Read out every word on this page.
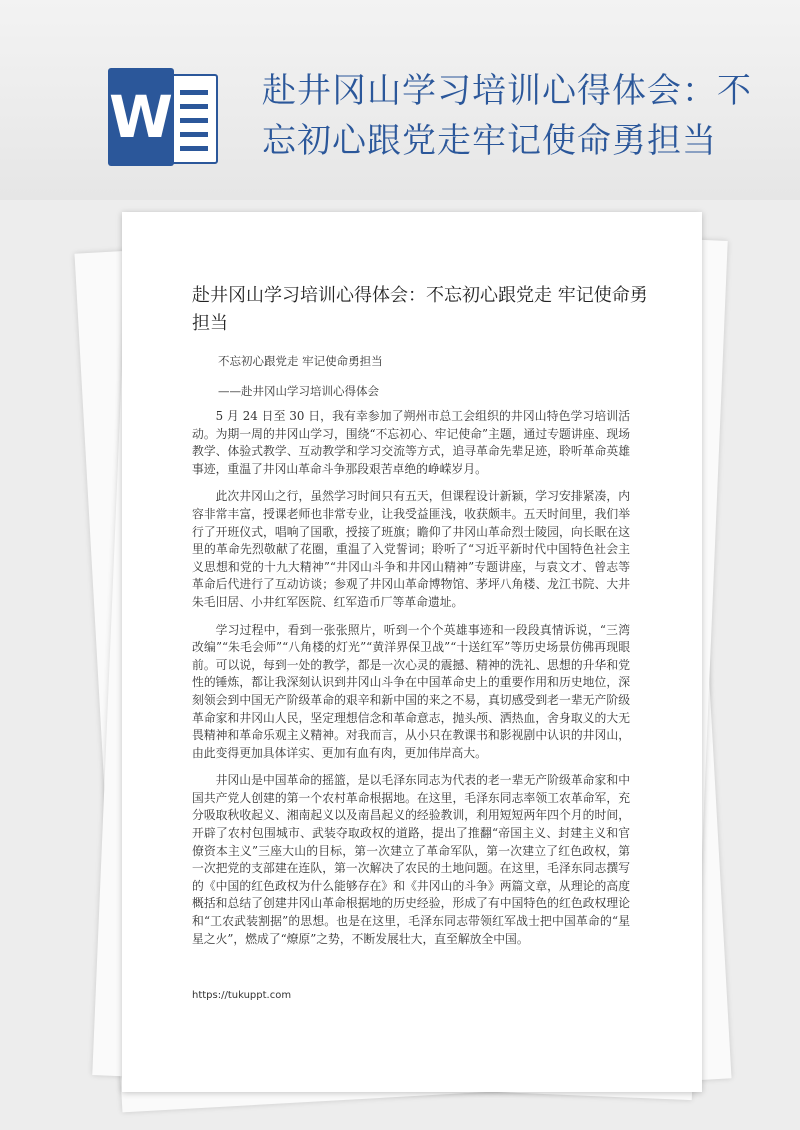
W	赴井冈山学习培训心得体会：不忘初心跟党走牢记使命勇担当
赴井冈山学习培训心得体会：不忘初心跟党走 牢记使命勇担当
不忘初心跟党走 牢记使命勇担当
——赴井冈山学习培训心得体会

5 月 24 日至 30 日，我有幸参加了朔州市总工会组织的井冈山特色学习培训活动。为期一周的井冈山学习，围绕“不忘初心、牢记使命”主题，通过专题讲座、现场教学、体验式教学、互动教学和学习交流等方式，追寻革命先辈足迹，聆听革命英雄事迹，重温了井冈山革命斗争那段艰苦卓绝的峥嵘岁月。

此次井冈山之行，虽然学习时间只有五天，但课程设计新颖，学习安排紧凑，内容非常丰富，授课老师也非常专业，让我受益匪浅，收获颇丰。五天时间里，我们举行了开班仪式，唱响了国歌，授接了班旗；瞻仰了井冈山革命烈士陵园，向长眠在这里的革命先烈敬献了花圈，重温了入党誓词；聆听了“习近平新时代中国特色社会主义思想和党的十九大精神”“井冈山斗争和井冈山精神”专题讲座，与袁文才、曾志等革命后代进行了互动访谈；参观了井冈山革命博物馆、茅坪八角楼、龙江书院、大井朱毛旧居、小井红军医院、红军造币厂等革命遗址。

学习过程中，看到一张张照片，听到一个个英雄事迹和一段段真情诉说，“三湾改编”“朱毛会师”“八角楼的灯光”“黄洋界保卫战”“十送红军”等历史场景仿佛再现眼前。可以说，每到一处的教学，都是一次心灵的震撼、精神的洗礼、思想的升华和党性的锤炼，都让我深刻认识到井冈山斗争在中国革命史上的重要作用和历史地位，深刻领会到中国无产阶级革命的艰辛和新中国的来之不易，真切感受到老一辈无产阶级革命家和井冈山人民，坚定理想信念和革命意志，抛头颅、洒热血，舍身取义的大无畏精神和革命乐观主义精神。对我而言，从小只在教课书和影视剧中认识的井冈山，由此变得更加具体详实、更加有血有肉，更加伟岸高大。

井冈山是中国革命的摇篮，是以毛泽东同志为代表的老一辈无产阶级革命家和中国共产党人创建的第一个农村革命根据地。在这里，毛泽东同志率领工农革命军，充分吸取秋收起义、湘南起义以及南昌起义的经验教训，利用短短两年四个月的时间，开辟了农村包围城市、武装夺取政权的道路，提出了推翻“帝国主义、封建主义和官僚资本主义”三座大山的目标，第一次建立了革命军队，第一次建立了红色政权，第一次把党的支部建在连队，第一次解决了农民的土地问题。在这里，毛泽东同志撰写的《中国的红色政权为什么能够存在》和《井冈山的斗争》两篇文章，从理论的高度概括和总结了创建井冈山革命根据地的历史经验，形成了有中国特色的红色政权理论和“工农武装割据”的思想。也是在这里，毛泽东同志带领红军战士把中国革命的“星星之火”，燃成了“燎原”之势，不断发展壮大，直至解放全中国。

https://tukuppt.com
